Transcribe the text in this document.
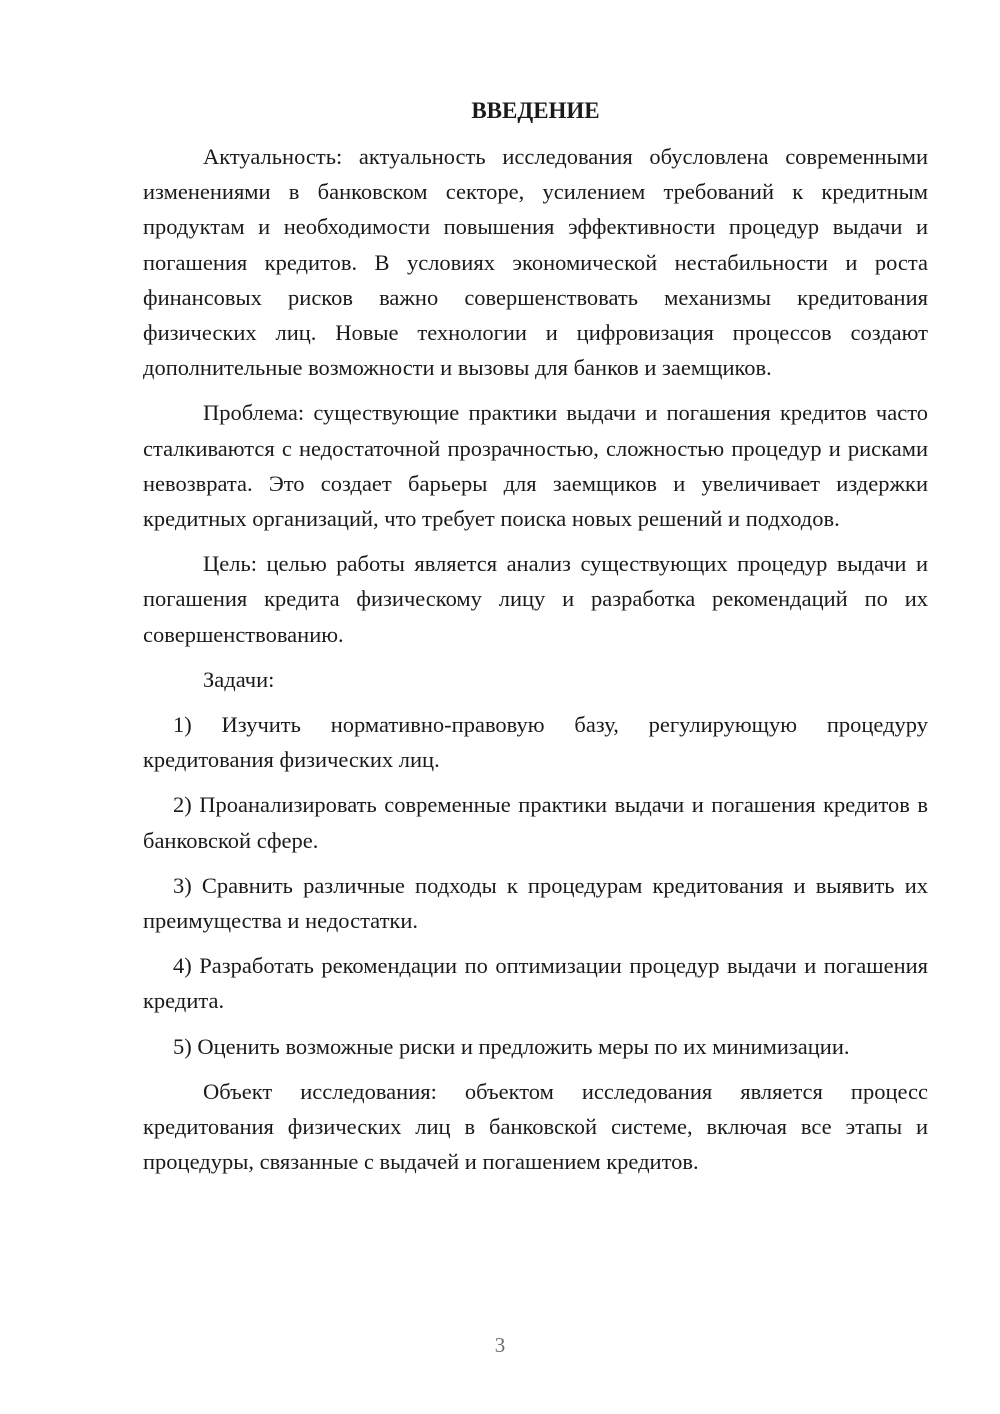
ВВЕДЕНИЕ

Актуальность: актуальность исследования обусловлена современными изменениями в банковском секторе, усилением требований к кредитным продуктам и необходимости повышения эффективности процедур выдачи и погашения кредитов. В условиях экономической нестабильности и роста финансовых рисков важно совершенствовать механизмы кредитования физических лиц. Новые технологии и цифровизация процессов создают дополнительные возможности и вызовы для банков и заемщиков.

Проблема: существующие практики выдачи и погашения кредитов часто сталкиваются с недостаточной прозрачностью, сложностью процедур и рисками невозврата. Это создает барьеры для заемщиков и увеличивает издержки кредитных организаций, что требует поиска новых решений и подходов.

Цель: целью работы является анализ существующих процедур выдачи и погашения кредита физическому лицу и разработка рекомендаций по их совершенствованию.

Задачи:

1) Изучить нормативно-правовую базу, регулирующую процедуру кредитования физических лиц.

2) Проанализировать современные практики выдачи и погашения кредитов в банковской сфере.

3) Сравнить различные подходы к процедурам кредитования и выявить их преимущества и недостатки.

4) Разработать рекомендации по оптимизации процедур выдачи и погашения кредита.

5) Оценить возможные риски и предложить меры по их минимизации.

Объект исследования: объектом исследования является процесс кредитования физических лиц в банковской системе, включая все этапы и процедуры, связанные с выдачей и погашением кредитов.

3
